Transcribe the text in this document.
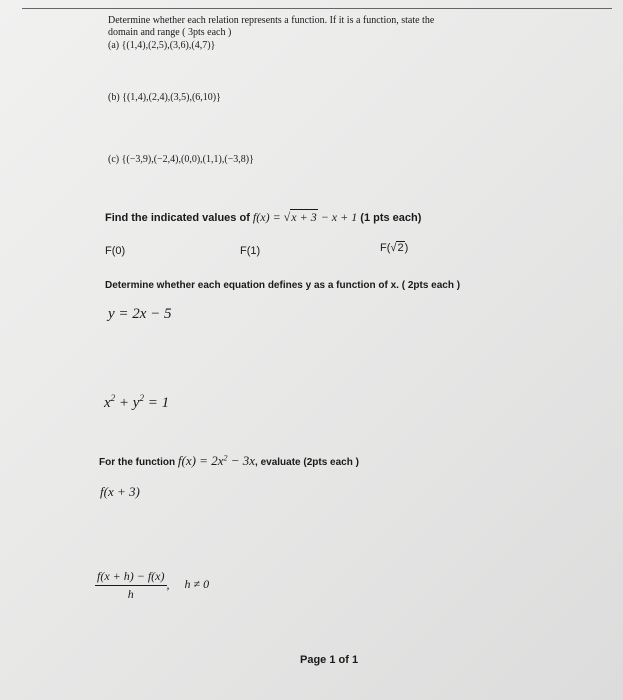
Determine whether each relation represents a function. If it is a function, state the
domain and range ( 3pts each )
(a) {(1,4),(2,5),(3,6),(4,7)}
(b) {(1,4),(2,4),(3,5),(6,10)}
(c) {(−3,9),(−2,4),(0,0),(1,1),(−3,8)}
Find the indicated values of f(x) = √x + 3 − x + 1 (1 pts each)
F(0)	F(1)	F(√2)
Determine whether each equation defines y as a function of x. ( 2pts each )
y = 2x − 5
$x^2 + y^2 = 1$
For the function $f(x) = 2x^2 - 3x$, evaluate (2pts each )
f(x + 3)
$\frac{f(x + h) - f(x)}{h}$ , h ≠ 0
Page 1 of 1
